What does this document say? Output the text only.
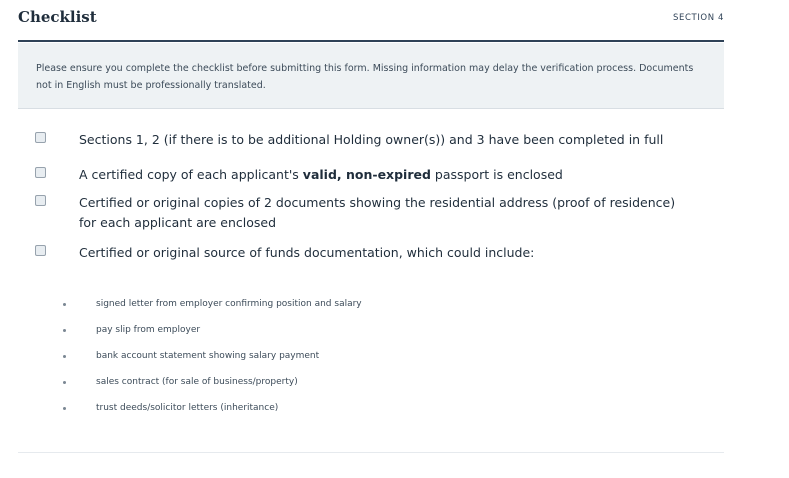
Checklist	SECTION 4

Please ensure you complete the checklist before submitting this form. Missing information may delay the verification process. Documents not in English must be professionally translated.

Sections 1, 2 (if there is to be additional Holding owner(s)) and 3 have been completed in full
A certified copy of each applicant's valid, non-expired passport is enclosed
Certified or original copies of 2 documents showing the residential address (proof of residence) for each applicant are enclosed
Certified or original source of funds documentation, which could include:
signed letter from employer confirming position and salary
pay slip from employer
bank account statement showing salary payment
sales contract (for sale of business/property)
trust deeds/solicitor letters (inheritance)
